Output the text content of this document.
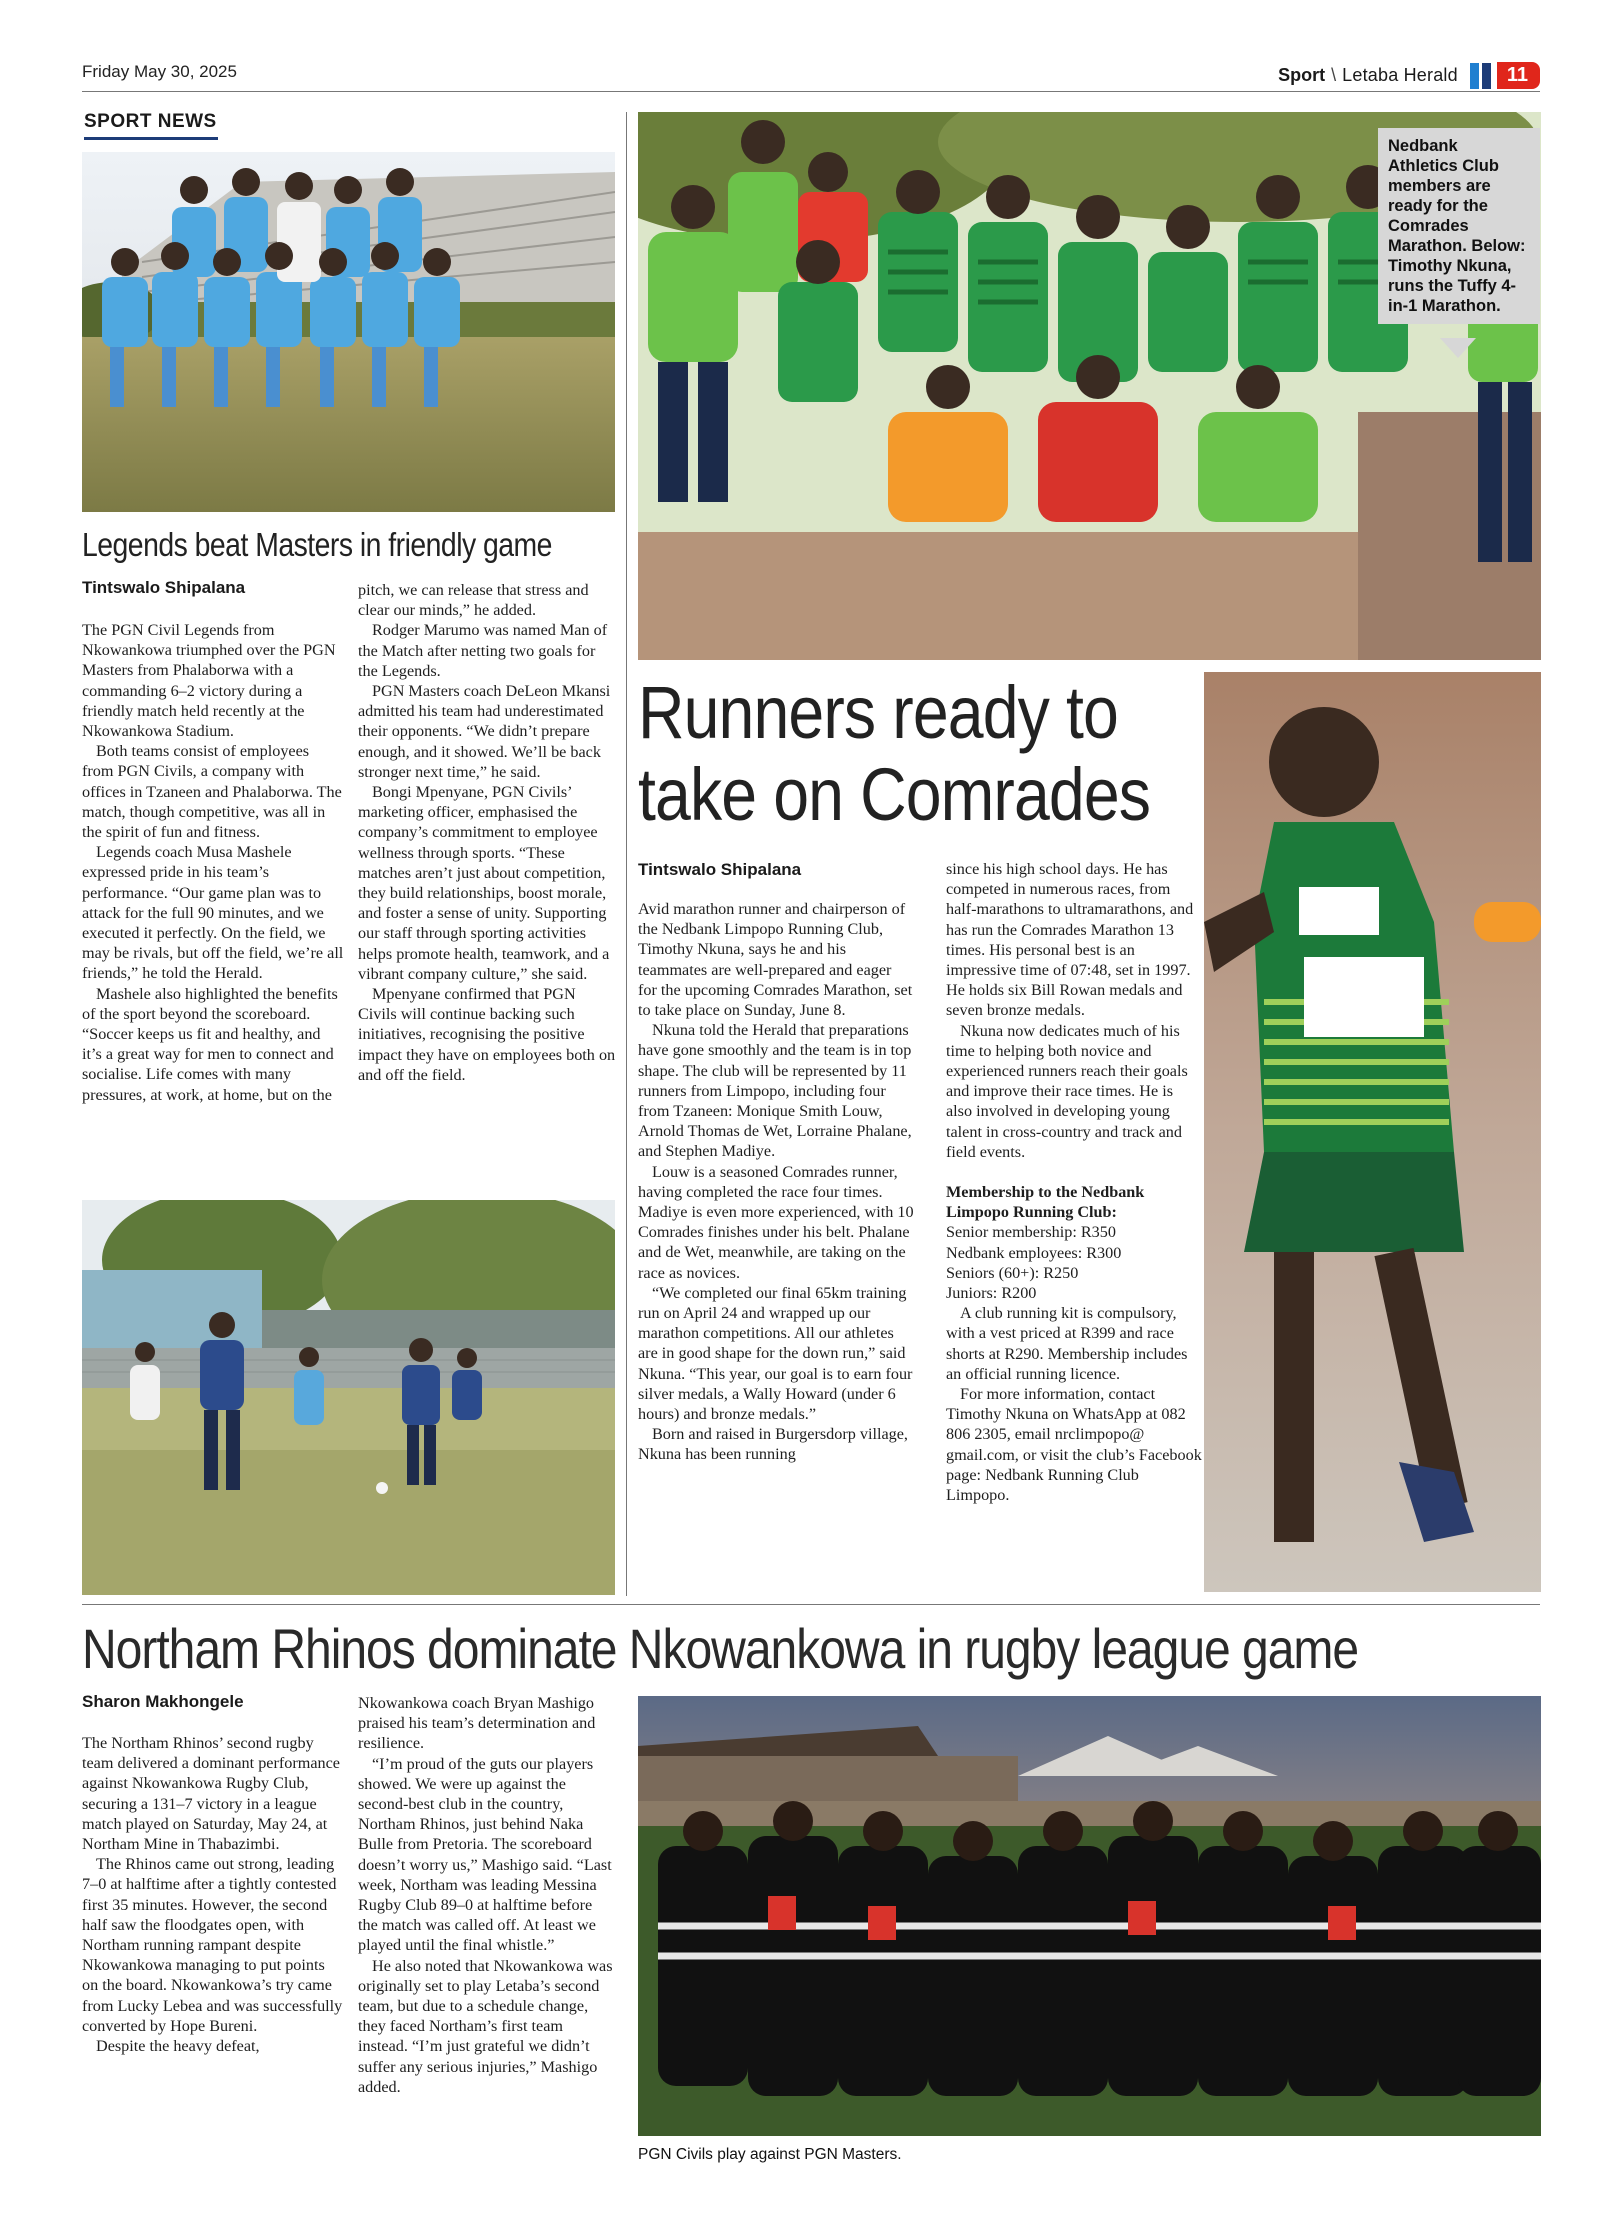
Friday May 30, 2025	Sport \ Letaba Herald	11
SPORT NEWS
Legends beat Masters in friendly game
Tintswalo Shipalana

The PGN Civil Legends from Nkowankowa triumphed over the PGN Masters from Phalaborwa with a commanding 6–2 victory during a friendly match held recently at the Nkowankowa Stadium.

Both teams consist of employees from PGN Civils, a company with offices in Tzaneen and Phalaborwa. The match, though competitive, was all in the spirit of fun and fitness.

Legends coach Musa Mashele expressed pride in his team’s performance. “Our game plan was to attack for the full 90 minutes, and we executed it perfectly. On the field, we may be rivals, but off the field, we’re all friends,” he told the Herald.

Mashele also highlighted the benefits of the sport beyond the scoreboard. “Soccer keeps us fit and healthy, and it’s a great way for men to connect and socialise. Life comes with many pressures, at work, at home, but on the

pitch, we can release that stress and clear our minds,” he added.

Rodger Marumo was named Man of the Match after netting two goals for the Legends.

PGN Masters coach DeLeon Mkansi admitted his team had underestimated their opponents. “We didn’t prepare enough, and it showed. We’ll be back stronger next time,” he said.

Bongi Mpenyane, PGN Civils’ marketing officer, emphasised the company’s commitment to employee wellness through sports. “These matches aren’t just about competition, they build relationships, boost morale, and foster a sense of unity. Supporting our staff through sporting activities helps promote health, teamwork, and a vibrant company culture,” she said.

Mpenyane confirmed that PGN Civils will continue backing such initiatives, recognising the positive impact they have on employees both on and off the field.

Nedbank Athletics Club members are ready for the Comrades Marathon. Below: Timothy Nkuna, runs the Tuffy 4-in-1 Marathon.
Runners ready to
take on Comrades
Tintswalo Shipalana

Avid marathon runner and chairperson of the Nedbank Limpopo Running Club, Timothy Nkuna, says he and his teammates are well-prepared and eager for the upcoming Comrades Marathon, set to take place on Sunday, June 8.

Nkuna told the Herald that preparations have gone smoothly and the team is in top shape. The club will be represented by 11 runners from Limpopo, including four from Tzaneen: Monique Smith Louw, Arnold Thomas de Wet, Lorraine Phalane, and Stephen Madiye.

Louw is a seasoned Comrades runner, having completed the race four times. Madiye is even more experienced, with 10 Comrades finishes under his belt. Phalane and de Wet, meanwhile, are taking on the race as novices.

“We completed our final 65km training run on April 24 and wrapped up our marathon competitions. All our athletes are in good shape for the down run,” said Nkuna. “This year, our goal is to earn four silver medals, a Wally Howard (under 6 hours) and bronze medals.”

Born and raised in Burgersdorp village, Nkuna has been running

since his high school days. He has competed in numerous races, from half-marathons to ultramarathons, and has run the Comrades Marathon 13 times. His personal best is an impressive time of 07:48, set in 1997. He holds six Bill Rowan medals and seven bronze medals.

Nkuna now dedicates much of his time to helping both novice and experienced runners reach their goals and improve their race times. He is also involved in developing young talent in cross-country and track and field events.

Membership to the Nedbank Limpopo Running Club:

Senior membership: R350

Nedbank employees: R300

Seniors (60+): R250

Juniors: R200

A club running kit is compulsory, with a vest priced at R399 and race shorts at R290. Membership includes an official running licence.

For more information, contact Timothy Nkuna on WhatsApp at 082 806 2305, email nrclimpopo@ gmail.com, or visit the club’s Facebook page: Nedbank Running Club Limpopo.

Northam Rhinos dominate Nkowankowa in rugby league game
Sharon Makhongele

The Northam Rhinos’ second rugby team delivered a dominant performance against Nkowankowa Rugby Club, securing a 131–7 victory in a league match played on Saturday, May 24, at Northam Mine in Thabazimbi.

The Rhinos came out strong, leading 7–0 at halftime after a tightly contested first 35 minutes. However, the second half saw the floodgates open, with Northam running rampant despite Nkowankowa managing to put points on the board. Nkowankowa’s try came from Lucky Lebea and was successfully converted by Hope Bureni.

Despite the heavy defeat,

Nkowankowa coach Bryan Mashigo praised his team’s determination and resilience.

“I’m proud of the guts our players showed. We were up against the second-best club in the country, Northam Rhinos, just behind Naka Bulle from Pretoria. The scoreboard doesn’t worry us,” Mashigo said. “Last week, Northam was leading Messina Rugby Club 89–0 at halftime before the match was called off. At least we played until the final whistle.”

He also noted that Nkowankowa was originally set to play Letaba’s second team, but due to a schedule change, they faced Northam’s first team instead. “I’m just grateful we didn’t suffer any serious injuries,” Mashigo added.

PGN Civils play against PGN Masters.
